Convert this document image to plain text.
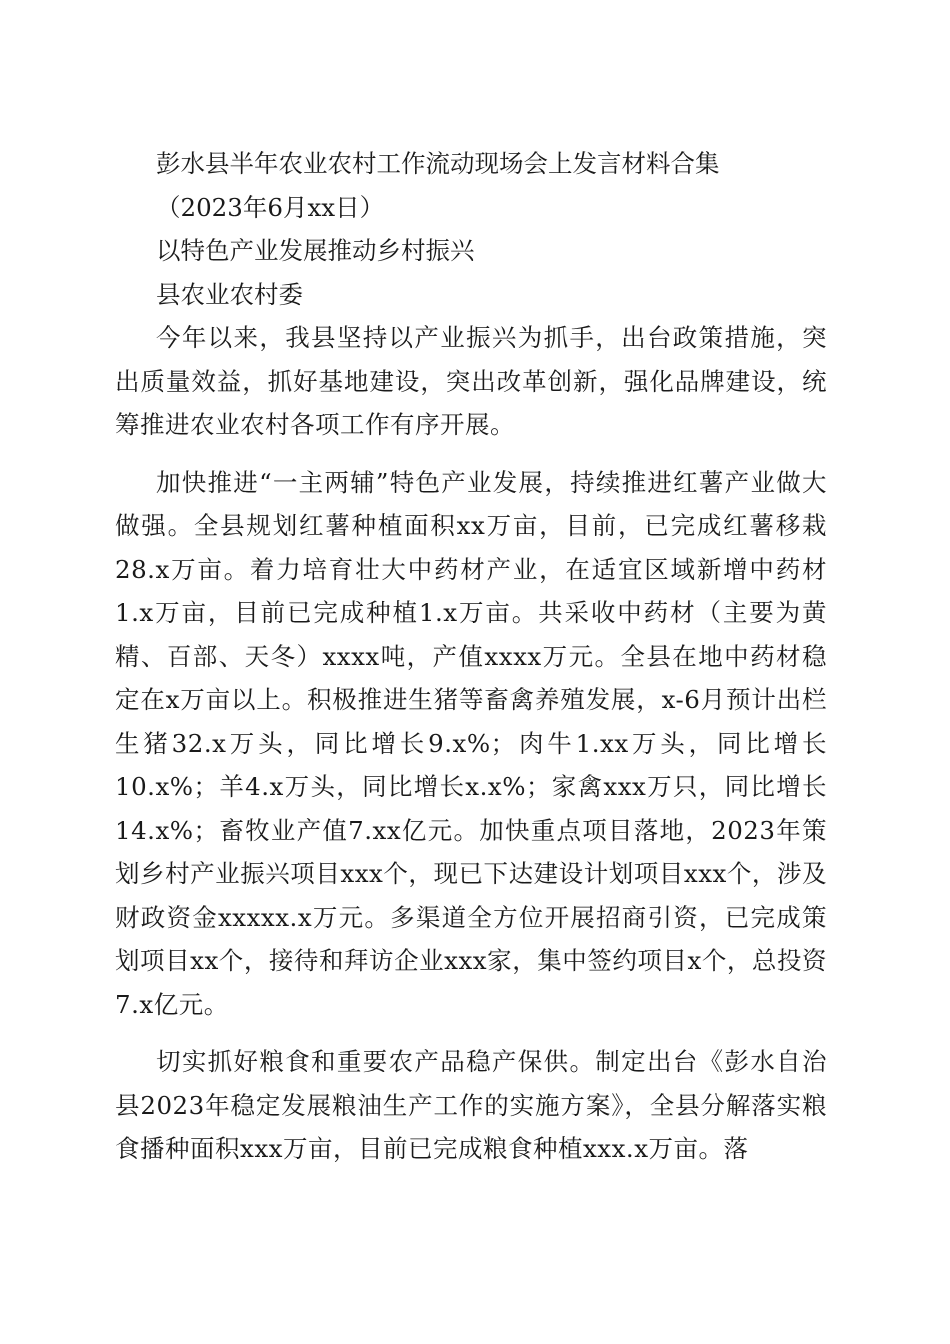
彭水县半年农业农村工作流动现场会上发言材料合集

（2023年6月xx日）

以特色产业发展推动乡村振兴

县农业农村委

今年以来，我县坚持以产业振兴为抓手，出台政策措施，突出质量效益，抓好基地建设，突出改革创新，强化品牌建设，统筹推进农业农村各项工作有序开展。

加快推进“一主两辅”特色产业发展，持续推进红薯产业做大做强。全县规划红薯种植面积xx万亩，目前，已完成红薯移栽28.x万亩。着力培育壮大中药材产业，在适宜区域新增中药材1.x万亩，目前已完成种植1.x万亩。共采收中药材（主要为黄精、百部、天冬）xxxx吨，产值xxxx万元。全县在地中药材稳定在x万亩以上。积极推进生猪等畜禽养殖发展，x-6月预计出栏生猪32.x万头，同比增长9.x%；肉牛1.xx万头，同比增长10.x%；羊4.x万头，同比增长x.x%；家禽xxx万只，同比增长14.x%；畜牧业产值7.xx亿元。加快重点项目落地，2023年策划乡村产业振兴项目xxx个，现已下达建设计划项目xxx个，涉及财政资金xxxxx.x万元。多渠道全方位开展招商引资，已完成策划项目xx个，接待和拜访企业xxx家，集中签约项目x个，总投资7.x亿元。

切实抓好粮食和重要农产品稳产保供。制定出台《彭水自治县2023年稳定发展粮油生产工作的实施方案》，全县分解落实粮食播种面积xxx万亩，目前已完成粮食种植xxx.x万亩。落
